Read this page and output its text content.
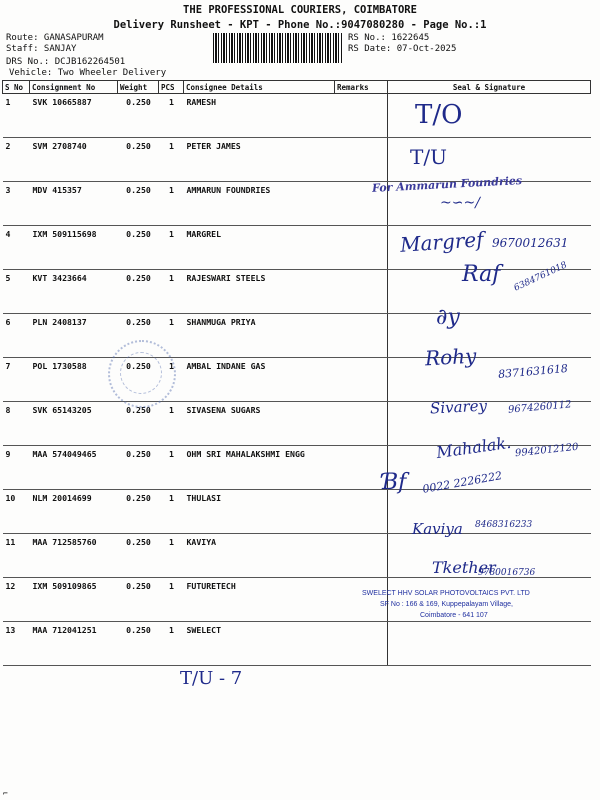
THE PROFESSIONAL COURIERS, COIMBATORE
Delivery Runsheet - KPT - Phone No.:9047080280 - Page No.:1
Route: GANASAPURAM
Staff: SANJAY
DRS No.: DCJB162264501
Vehicle: Two Wheeler Delivery
RS No.: 1622645
RS Date: 07-Oct-2025
S No	Consignment No	Weight	PCS	Consignee Details	Remarks	Seal & Signature
1	SVK 10665887	0.250	1	RAMESH		
2	SVM 2708740	0.250	1	PETER JAMES		
3	MDV 415357	0.250	1	AMMARUN FOUNDRIES		
4	IXM 509115698	0.250	1	MARGREL		
5	KVT 3423664	0.250	1	RAJESWARI STEELS		
6	PLN 2408137	0.250	1	SHANMUGA PRIYA		
7	POL 1730588	0.250	1	AMBAL INDANE GAS		
8	SVK 65143205	0.250	1	SIVASENA SUGARS		
9	MAA 574049465	0.250	1	OHM SRI MAHALAKSHMI ENGG		
10	NLM 20014699	0.250	1	THULASI		
11	MAA 712585760	0.250	1	KAVIYA		
12	IXM 509109865	0.250	1	FUTURETECH		
13	MAA 712041251	0.250	1	SWELECT		
T/O
T/U
For Ammarun Foundries
~∽~∕
Margref 9670012631
Raf 6384761018
∂y
Rohy
8371631618
Sivarey 9674260112
Mahalak. 9942012120
Ɓf 0022 2226222
Kaviya 8468316233
Tkether
9780016736
SWELECT HHV SOLAR PHOTOVOLTAICS PVT. LTD
SF No : 166 & 169, Kuppepalayam Village,
Coimbatore - 641 107
T/U - 7
⌐
